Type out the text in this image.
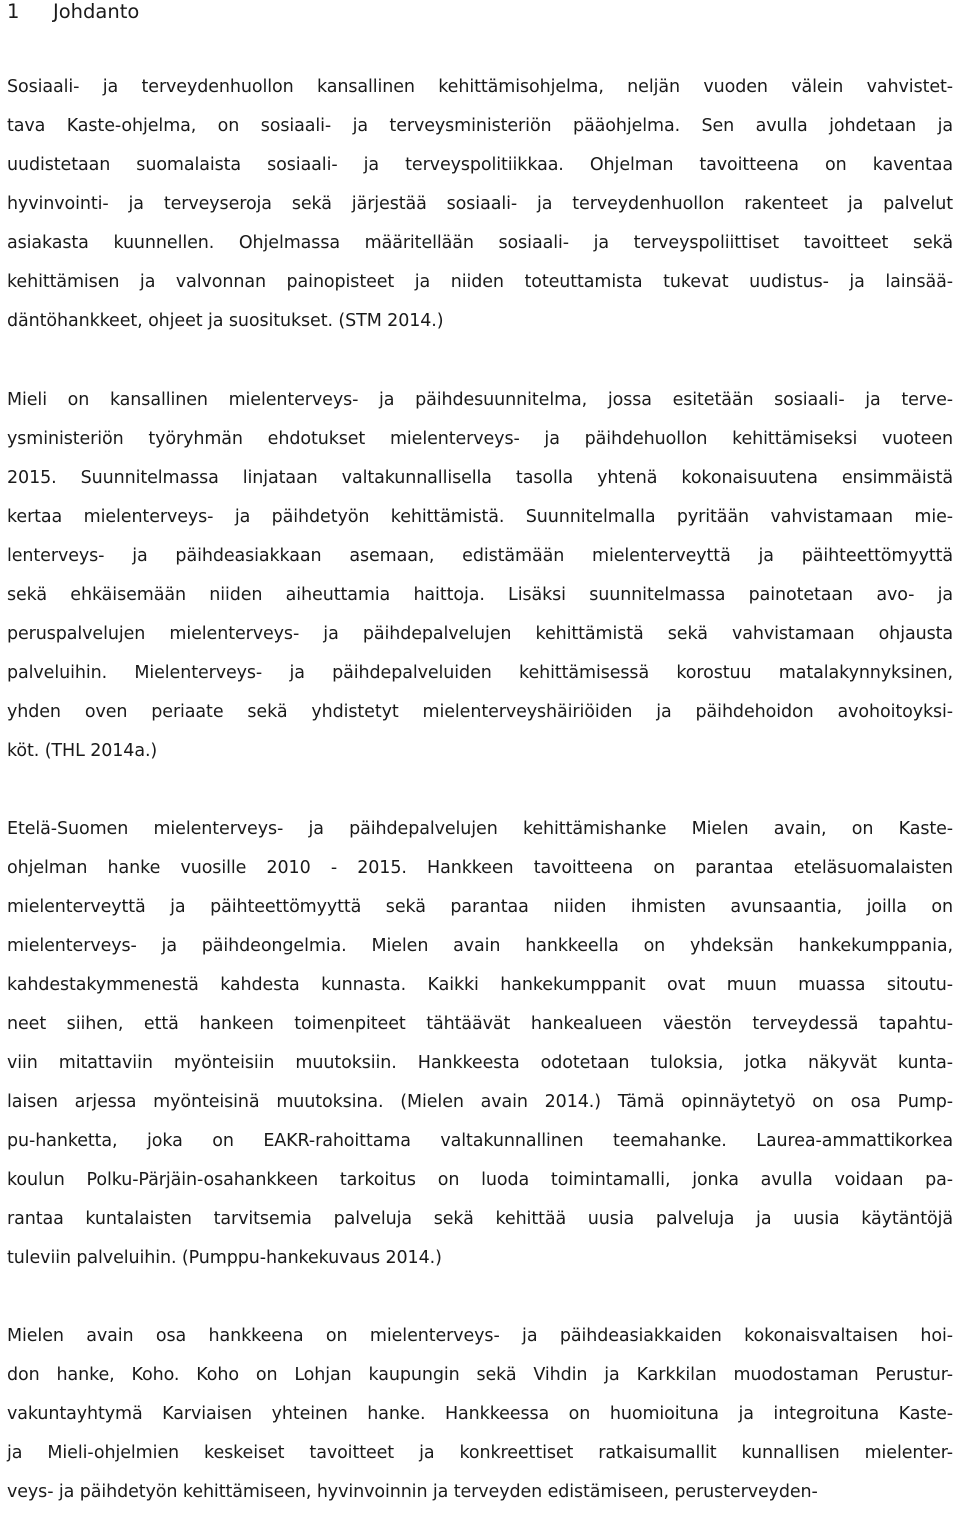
1 Johdanto

Sosiaali- ja terveydenhuollon kansallinen kehittämisohjelma, neljän vuoden välein vahvistet-
tava Kaste-ohjelma, on sosiaali- ja terveysministeriön pääohjelma. Sen avulla johdetaan ja
uudistetaan suomalaista sosiaali- ja terveyspolitiikkaa. Ohjelman tavoitteena on kaventaa
hyvinvointi- ja terveyseroja sekä järjestää sosiaali- ja terveydenhuollon rakenteet ja palvelut
asiakasta kuunnellen. Ohjelmassa määritellään sosiaali- ja terveyspoliittiset tavoitteet sekä
kehittämisen ja valvonnan painopisteet ja niiden toteuttamista tukevat uudistus- ja lainsää-
däntöhankkeet, ohjeet ja suositukset. (STM 2014.)

Mieli on kansallinen mielenterveys- ja päihdesuunnitelma, jossa esitetään sosiaali- ja terve-
ysministeriön työryhmän ehdotukset mielenterveys- ja päihdehuollon kehittämiseksi vuoteen
2015. Suunnitelmassa linjataan valtakunnallisella tasolla yhtenä kokonaisuutena ensimmäistä
kertaa mielenterveys- ja päihdetyön kehittämistä. Suunnitelmalla pyritään vahvistamaan mie-
lenterveys- ja päihdeasiakkaan asemaan, edistämään mielenterveyttä ja päihteettömyyttä
sekä ehkäisemään niiden aiheuttamia haittoja. Lisäksi suunnitelmassa painotetaan avo- ja
peruspalvelujen mielenterveys- ja päihdepalvelujen kehittämistä sekä vahvistamaan ohjausta
palveluihin. Mielenterveys- ja päihdepalveluiden kehittämisessä korostuu matalakynnyksinen,
yhden oven periaate sekä yhdistetyt mielenterveyshäiriöiden ja päihdehoidon avohoitoyksi-
köt. (THL 2014a.)

Etelä-Suomen mielenterveys- ja päihdepalvelujen kehittämishanke Mielen avain, on Kaste-
ohjelman hanke vuosille 2010 - 2015. Hankkeen tavoitteena on parantaa eteläsuomalaisten
mielenterveyttä ja päihteettömyyttä sekä parantaa niiden ihmisten avunsaantia, joilla on
mielenterveys- ja päihdeongelmia. Mielen avain hankkeella on yhdeksän hankekumppania,
kahdestakymmenestä kahdesta kunnasta. Kaikki hankekumppanit ovat muun muassa sitoutu-
neet siihen, että hankeen toimenpiteet tähtäävät hankealueen väestön terveydessä tapahtu-
viin mitattaviin myönteisiin muutoksiin. Hankkeesta odotetaan tuloksia, jotka näkyvät kunta-
laisen arjessa myönteisinä muutoksina. (Mielen avain 2014.) Tämä opinnäytetyö on osa Pump-
pu-hanketta, joka on EAKR-rahoittama valtakunnallinen teemahanke. Laurea-ammattikorkea
koulun Polku-Pärjäin-osahankkeen tarkoitus on luoda toimintamalli, jonka avulla voidaan pa-
rantaa kuntalaisten tarvitsemia palveluja sekä kehittää uusia palveluja ja uusia käytäntöjä
tuleviin palveluihin. (Pumppu-hankekuvaus 2014.)

Mielen avain osa hankkeena on mielenterveys- ja päihdeasiakkaiden kokonaisvaltaisen hoi-
don hanke, Koho. Koho on Lohjan kaupungin sekä Vihdin ja Karkkilan muodostaman Perustur-
vakuntayhtymä Karviaisen yhteinen hanke. Hankkeessa on huomioituna ja integroituna Kaste-
ja Mieli-ohjelmien keskeiset tavoitteet ja konkreettiset ratkaisumallit kunnallisen mielenter-
veys- ja päihdetyön kehittämiseen, hyvinvoinnin ja terveyden edistämiseen, perusterveyden-
